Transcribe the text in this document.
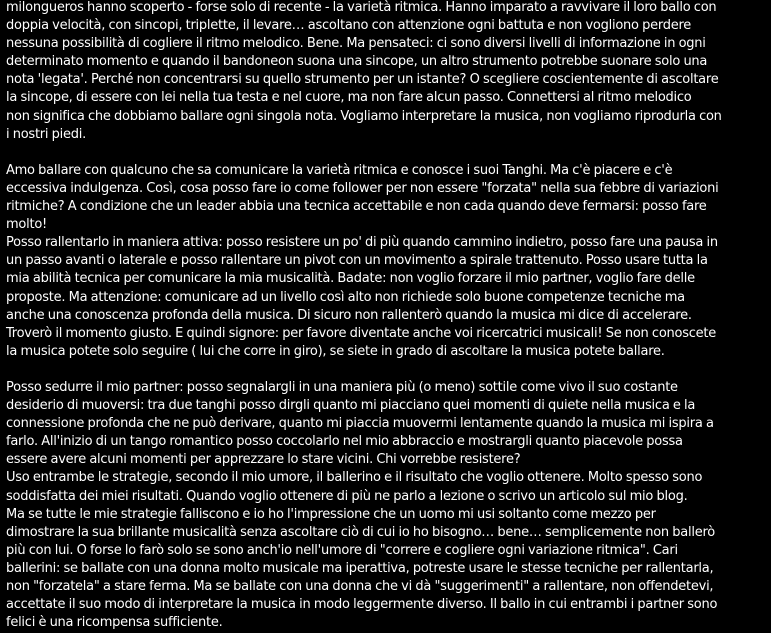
milongueros hanno scoperto - forse solo di recente - la varietà ritmica. Hanno imparato a ravvivare il loro ballo con
doppia velocità, con sincopi, triplette, il levare… ascoltano con attenzione ogni battuta e non vogliono perdere
nessuna possibilità di cogliere il ritmo melodico. Bene. Ma pensateci: ci sono diversi livelli di informazione in ogni
determinato momento e quando il bandoneon suona una sincope, un altro strumento potrebbe suonare solo una
nota 'legata'. Perché non concentrarsi su quello strumento per un istante? O scegliere coscientemente di ascoltare
la sincope, di essere con lei nella tua testa e nel cuore, ma non fare alcun passo. Connettersi al ritmo melodico
non significa che dobbiamo ballare ogni singola nota. Vogliamo interpretare la musica, non vogliamo riprodurla con
i nostri piedi.
Amo ballare con qualcuno che sa comunicare la varietà ritmica e conosce i suoi Tanghi. Ma c'è piacere e c'è
eccessiva indulgenza. Così, cosa posso fare io come follower per non essere "forzata" nella sua febbre di variazioni
ritmiche? A condizione che un leader abbia una tecnica accettabile e non cada quando deve fermarsi: posso fare
molto!
Posso rallentarlo in maniera attiva: posso resistere un po' di più quando cammino indietro, posso fare una pausa in
un passo avanti o laterale e posso rallentare un pivot con un movimento a spirale trattenuto. Posso usare tutta la
mia abilità tecnica per comunicare la mia musicalità. Badate: non voglio forzare il mio partner, voglio fare delle
proposte. Ma attenzione: comunicare ad un livello così alto non richiede solo buone competenze tecniche ma
anche una conoscenza profonda della musica. Di sicuro non rallenterò quando la musica mi dice di accelerare.
Troverò il momento giusto. E quindi signore: per favore diventate anche voi ricercatrici musicali! Se non conoscete
la musica potete solo seguire ( lui che corre in giro), se siete in grado di ascoltare la musica potete ballare.
Posso sedurre il mio partner: posso segnalargli in una maniera più (o meno) sottile come vivo il suo costante
desiderio di muoversi: tra due tanghi posso dirgli quanto mi piacciano quei momenti di quiete nella musica e la
connessione profonda che ne può derivare, quanto mi piaccia muovermi lentamente quando la musica mi ispira a
farlo. All'inizio di un tango romantico posso coccolarlo nel mio abbraccio e mostrargli quanto piacevole possa
essere avere alcuni momenti per apprezzare lo stare vicini. Chi vorrebbe resistere?
Uso entrambe le strategie, secondo il mio umore, il ballerino e il risultato che voglio ottenere. Molto spesso sono
soddisfatta dei miei risultati. Quando voglio ottenere di più ne parlo a lezione o scrivo un articolo sul mio blog.
Ma se tutte le mie strategie falliscono e io ho l'impressione che un uomo mi usi soltanto come mezzo per
dimostrare la sua brillante musicalità senza ascoltare ciò di cui io ho bisogno… bene… semplicemente non ballerò
più con lui. O forse lo farò solo se sono anch'io nell'umore di "correre e cogliere ogni variazione ritmica". Cari
ballerini: se ballate con una donna molto musicale ma iperattiva, potreste usare le stesse tecniche per rallentarla,
non "forzatela" a stare ferma. Ma se ballate con una donna che vi dà "suggerimenti" a rallentare, non offendetevi,
accettate il suo modo di interpretare la musica in modo leggermente diverso. Il ballo in cui entrambi i partner sono
felici è una ricompensa sufficiente.
